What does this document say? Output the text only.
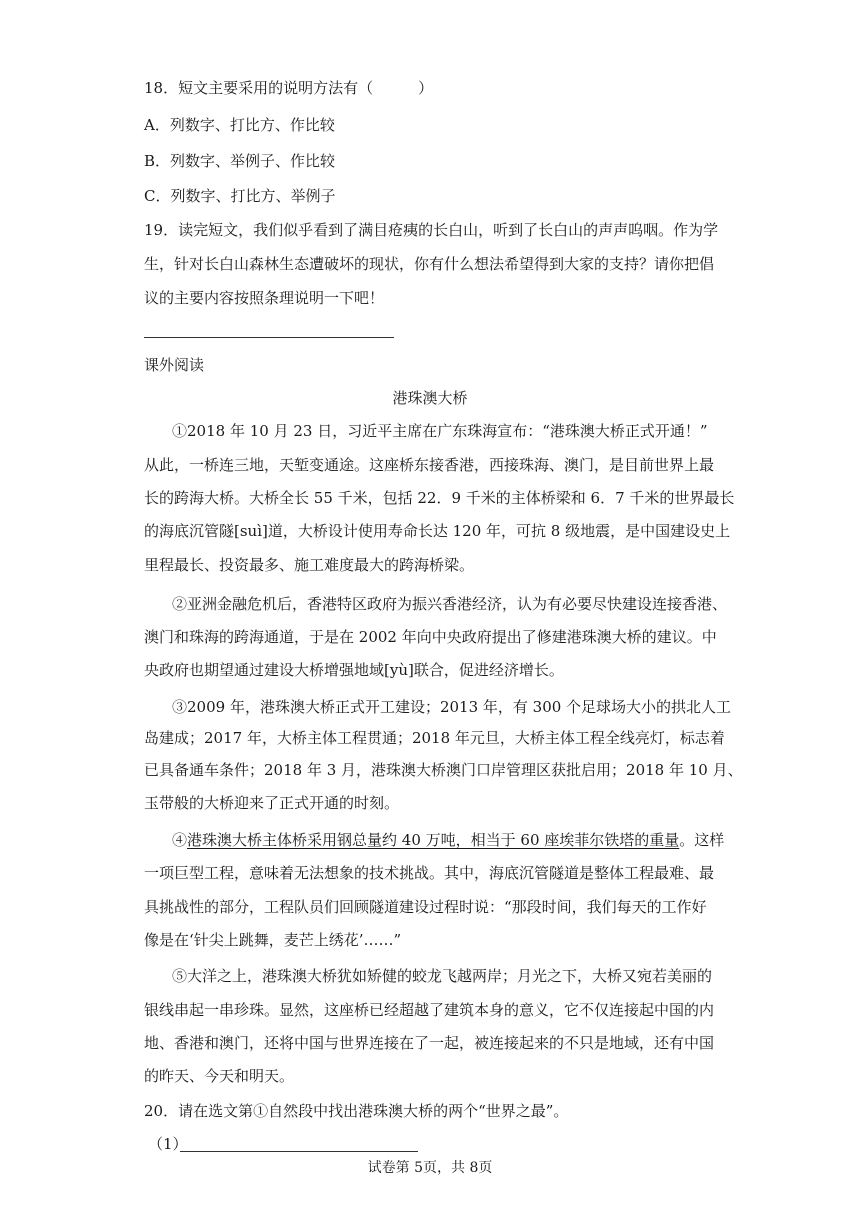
18．短文主要采用的说明方法有（　　　）
A．列数字、打比方、作比较
B．列数字、举例子、作比较
C．列数字、打比方、举例子
19．读完短文，我们似乎看到了满目疮痍的长白山，听到了长白山的声声呜咽。作为学
生，针对长白山森林生态遭破坏的现状，你有什么想法希望得到大家的支持？请你把倡
议的主要内容按照条理说明一下吧！
课外阅读
港珠澳大桥
①2018 年 10 月 23 日，习近平主席在广东珠海宣布：“港珠澳大桥正式开通！”
从此，一桥连三地，天堑变通途。这座桥东接香港，西接珠海、澳门，是目前世界上最
长的跨海大桥。大桥全长 55 千米，包括 22．9 千米的主体桥梁和 6．7 千米的世界最长
的海底沉管隧[suì]道，大桥设计使用寿命长达 120 年，可抗 8 级地震，是中国建设史上
里程最长、投资最多、施工难度最大的跨海桥梁。
②亚洲金融危机后，香港特区政府为振兴香港经济，认为有必要尽快建设连接香港、
澳门和珠海的跨海通道，于是在 2002 年向中央政府提出了修建港珠澳大桥的建议。中
央政府也期望通过建设大桥增强地域[yù]联合，促进经济增长。
③2009 年，港珠澳大桥正式开工建设；2013 年，有 300 个足球场大小的拱北人工
岛建成；2017 年，大桥主体工程贯通；2018 年元旦，大桥主体工程全线亮灯，标志着
已具备通车条件；2018 年 3 月，港珠澳大桥澳门口岸管理区获批启用；2018 年 10 月、
玉带般的大桥迎来了正式开通的时刻。
④港珠澳大桥主体桥采用钢总量约 40 万吨，相当于 60 座埃菲尔铁塔的重量。这样
一项巨型工程，意味着无法想象的技术挑战。其中，海底沉管隧道是整体工程最难、最
具挑战性的部分，工程队员们回顾隧道建设过程时说：“那段时间，我们每天的工作好
像是在‘针尖上跳舞，麦芒上绣花’……”
⑤大洋之上，港珠澳大桥犹如矫健的蛟龙飞越两岸；月光之下，大桥又宛若美丽的
银线串起一串珍珠。显然，这座桥已经超越了建筑本身的意义，它不仅连接起中国的内
地、香港和澳门，还将中国与世界连接在了一起，被连接起来的不只是地域，还有中国
的昨天、今天和明天。
20．请在选文第①自然段中找出港珠澳大桥的两个“世界之最”。
（1）
试卷第 5页，共 8页
